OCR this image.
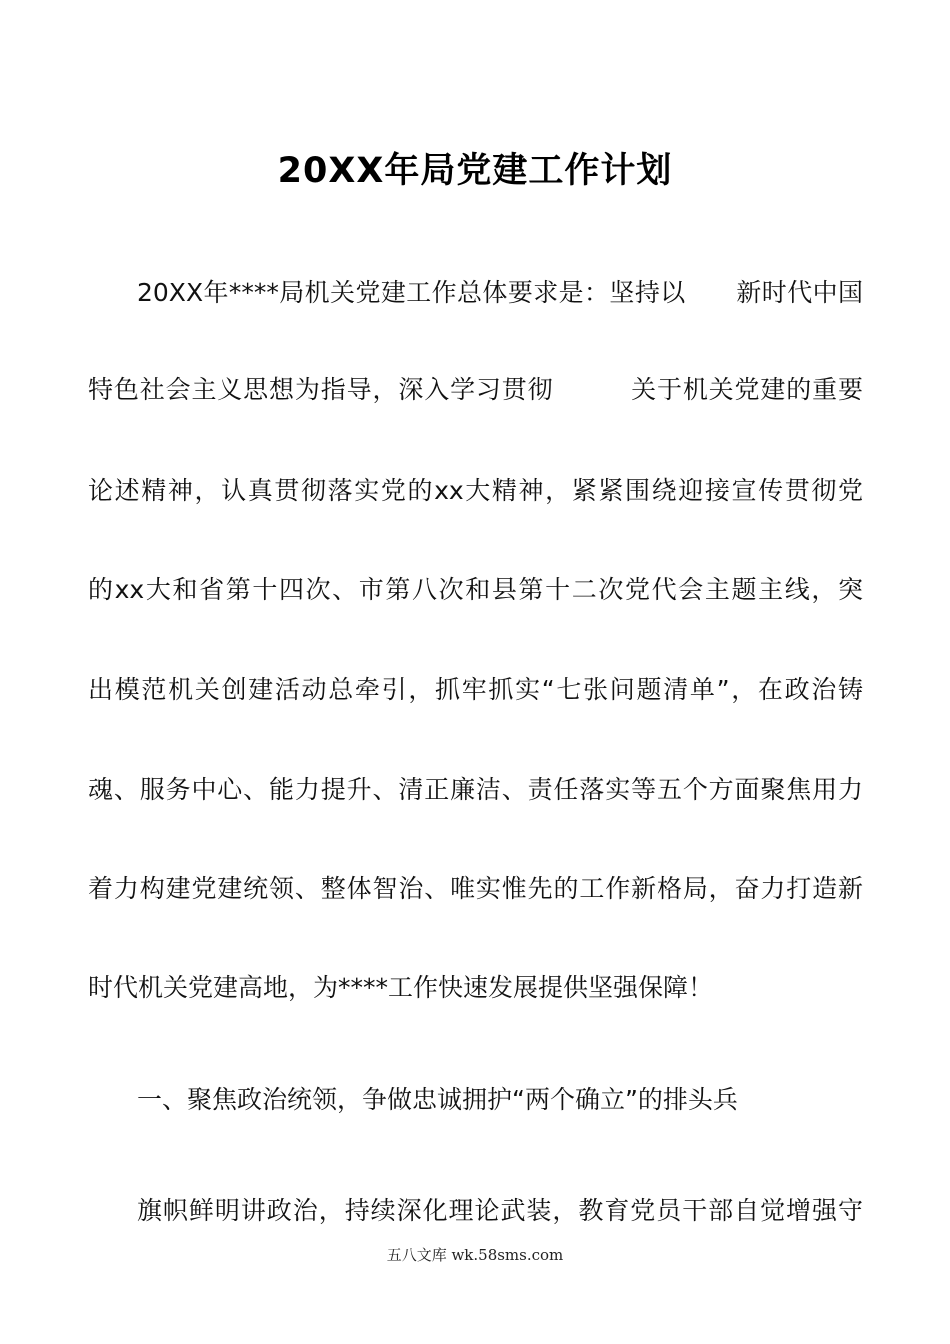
20XX年局党建工作计划
20XX年****局机关党建工作总体要求是：坚持以　　新时代中国
特色社会主义思想为指导，深入学习贯彻　　　关于机关党建的重要
论述精神，认真贯彻落实党的xx大精神，紧紧围绕迎接宣传贯彻党
的xx大和省第十四次、市第八次和县第十二次党代会主题主线，突
出模范机关创建活动总牵引，抓牢抓实“七张问题清单”，在政治铸
魂、服务中心、能力提升、清正廉洁、责任落实等五个方面聚焦用力
着力构建党建统领、整体智治、唯实惟先的工作新格局，奋力打造新
时代机关党建高地，为****工作快速发展提供坚强保障！
一、聚焦政治统领，争做忠诚拥护“两个确立”的排头兵
旗帜鲜明讲政治，持续深化理论武装，教育党员干部自觉增强守
五八文库 wk.58sms.com
